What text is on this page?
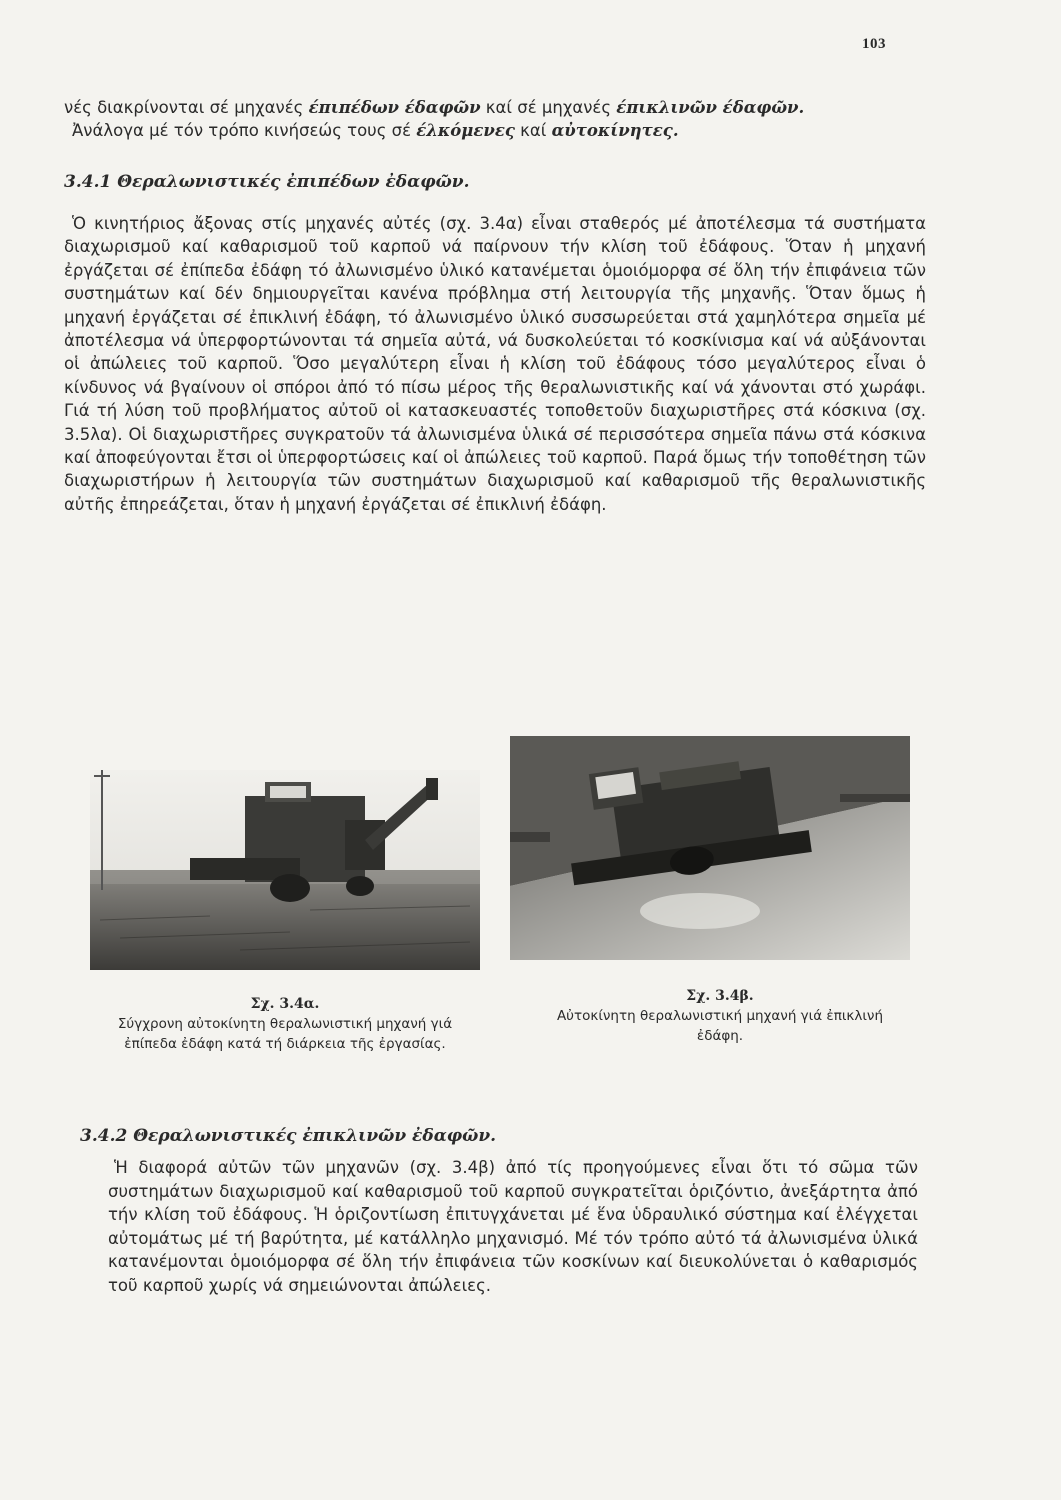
103

νές διακρίνονται σέ μηχανές έπιπέδων έδαφῶν καί σέ μηχανές έπικλινῶν έδαφῶν.

Ἀνάλογα μέ τόν τρόπο κινήσεώς τους σέ έλκόμενες καί αὐτοκίνητες.

3.4.1 Θεραλωνιστικές ἐπιπέδων ἐδαφῶν.

Ὁ κινητήριος ἄξονας στίς μηχανές αὐτές (σχ. 3.4α) εἶναι σταθερός μέ ἀποτέλεσμα τά συστήματα διαχωρισμοῦ καί καθαρισμοῦ τοῦ καρποῦ νά παίρνουν τήν κλίση τοῦ ἐδάφους. Ὅταν ἡ μηχανή ἐργάζεται σέ ἐπίπεδα ἐδάφη τό ἀλωνισμένο ὑλικό κατανέμεται ὁμοιόμορφα σέ ὅλη τήν ἐπιφάνεια τῶν συστημάτων καί δέν δημιουργεῖται κανένα πρόβλημα στή λειτουργία τῆς μηχανῆς. Ὅταν ὅμως ἡ μηχανή ἐργάζεται σέ ἐπικλινή ἐδάφη, τό ἀλωνισμένο ὑλικό συσσωρεύεται στά χαμηλότερα σημεῖα μέ ἀποτέλεσμα νά ὑπερφορτώνονται τά σημεῖα αὐτά, νά δυσκολεύεται τό κοσκίνισμα καί νά αὐξάνονται οἱ ἀπώλειες τοῦ καρποῦ. Ὅσο μεγαλύτερη εἶναι ἡ κλίση τοῦ ἐδάφους τόσο μεγαλύτερος εἶναι ὁ κίνδυνος νά βγαίνουν οἱ σπόροι ἀπό τό πίσω μέρος τῆς θεραλωνιστικῆς καί νά χάνονται στό χωράφι. Γιά τή λύση τοῦ προβλήματος αὐτοῦ οἱ κατασκευαστές τοποθετοῦν διαχωριστῆρες στά κόσκινα (σχ. 3.5λα). Οἱ διαχωριστῆρες συγκρατοῦν τά ἀλωνισμένα ὑλικά σέ περισσότερα σημεῖα πάνω στά κόσκινα καί ἀποφεύγονται ἔτσι οἱ ὑπερφορτώσεις καί οἱ ἀπώλειες τοῦ καρποῦ. Παρά ὅμως τήν τοποθέτηση τῶν διαχωριστήρων ἡ λειτουργία τῶν συστημάτων διαχωρισμοῦ καί καθαρισμοῦ τῆς θεραλωνιστικῆς αὐτῆς ἐπηρεάζεται, ὅταν ἡ μηχανή ἐργάζεται σέ ἐπικλινή ἐδάφη.

Σχ. 3.4α.
Σύγχρονη αὐτοκίνητη θεραλωνιστική μηχανή γιά ἐπίπεδα ἐδάφη κατά τή διάρκεια τῆς ἐργασίας.
Σχ. 3.4β.
Αὐτοκίνητη θεραλωνιστική μηχανή γιά ἐπικλινή ἐδάφη.
3.4.2 Θεραλωνιστικές ἐπικλινῶν ἐδαφῶν.

Ἡ διαφορά αὐτῶν τῶν μηχανῶν (σχ. 3.4β) ἀπό τίς προηγούμενες εἶναι ὅτι τό σῶμα τῶν συστημάτων διαχωρισμοῦ καί καθαρισμοῦ τοῦ καρποῦ συγκρατεῖται ὁριζόντιο, ἀνεξάρτητα ἀπό τήν κλίση τοῦ ἐδάφους. Ἡ ὁριζοντίωση ἐπιτυγχάνεται μέ ἕνα ὑδραυλικό σύστημα καί ἐλέγχεται αὐτομάτως μέ τή βαρύτητα, μέ κατάλληλο μηχανισμό. Μέ τόν τρόπο αὐτό τά ἀλωνισμένα ὑλικά κατανέμονται ὁμοιόμορφα σέ ὅλη τήν ἐπιφάνεια τῶν κοσκίνων καί διευκολύνεται ὁ καθαρισμός τοῦ καρποῦ χωρίς νά σημειώνονται ἀπώλειες.
